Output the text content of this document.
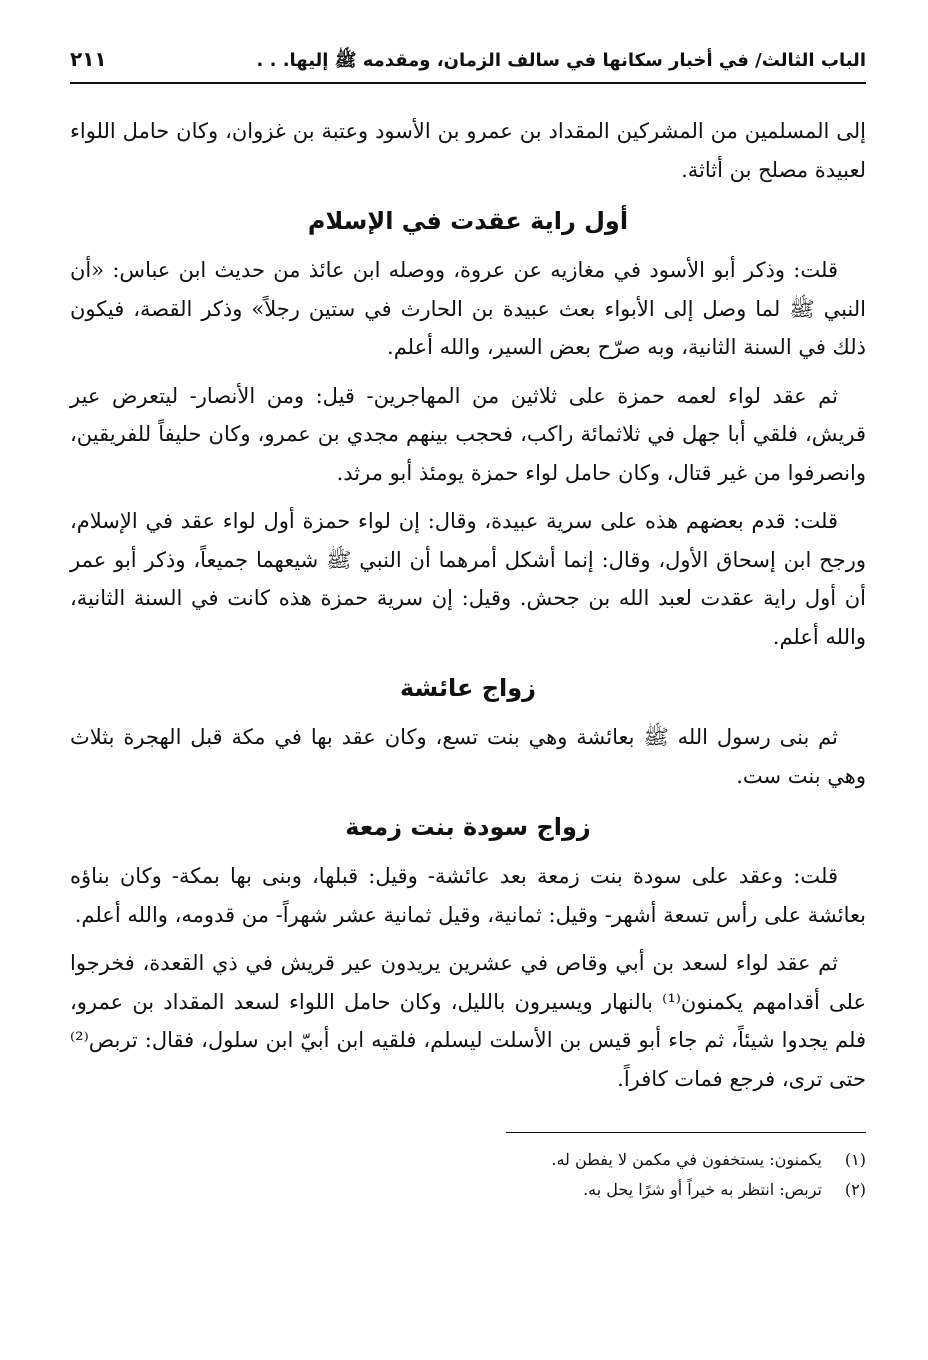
الباب الثالث/ في أخبار سكانها في سالف الزمان، ومقدمه ﷺ إليها. . .
٢١١

إلى المسلمين من المشركين المقداد بن عمرو بن الأسود وعتبة بن غزوان، وكان حامل اللواء لعبيدة مصلح بن أثاثة.

أول راية عقدت في الإسلام

قلت: وذكر أبو الأسود في مغازيه عن عروة، ووصله ابن عائذ من حديث ابن عباس: «أن النبي ﷺ لما وصل إلى الأبواء بعث عبيدة بن الحارث في ستين رجلاً» وذكر القصة، فيكون ذلك في السنة الثانية، وبه صرّح بعض السير، والله أعلم.

ثم عقد لواء لعمه حمزة على ثلاثين من المهاجرين- قيل: ومن الأنصار- ليتعرض عير قريش، فلقي أبا جهل في ثلاثمائة راكب، فحجب بينهم مجدي بن عمرو، وكان حليفاً للفريقين، وانصرفوا من غير قتال، وكان حامل لواء حمزة يومئذ أبو مرثد.

قلت: قدم بعضهم هذه على سرية عبيدة، وقال: إن لواء حمزة أول لواء عقد في الإسلام، ورجح ابن إسحاق الأول، وقال: إنما أشكل أمرهما أن النبي ﷺ شيعهما جميعاً، وذكر أبو عمر أن أول راية عقدت لعبد الله بن جحش. وقيل: إن سرية حمزة هذه كانت في السنة الثانية، والله أعلم.

زواج عائشة

ثم بنى رسول الله ﷺ بعائشة وهي بنت تسع، وكان عقد بها في مكة قبل الهجرة بثلاث وهي بنت ست.

زواج سودة بنت زمعة

قلت: وعقد على سودة بنت زمعة بعد عائشة- وقيل: قبلها، وبنى بها بمكة- وكان بناؤه بعائشة على رأس تسعة أشهر- وقيل: ثمانية، وقيل ثمانية عشر شهراً- من قدومه، والله أعلم.

ثم عقد لواء لسعد بن أبي وقاص في عشرين يريدون عير قريش في ذي القعدة، فخرجوا على أقدامهم يكمنون⁽¹⁾ بالنهار ويسيرون بالليل، وكان حامل اللواء لسعد المقداد بن عمرو، فلم يجدوا شيئاً، ثم جاء أبو قيس بن الأسلت ليسلم، فلقيه ابن أبيّ ابن سلول، فقال: تربص⁽²⁾ حتى ترى، فرجع فمات كافراً.

(١)
يكمنون: يستخفون في مكمن لا يفطن له.
(٢)
تربص: انتظر به خيراً أو شرًا يحل به.
